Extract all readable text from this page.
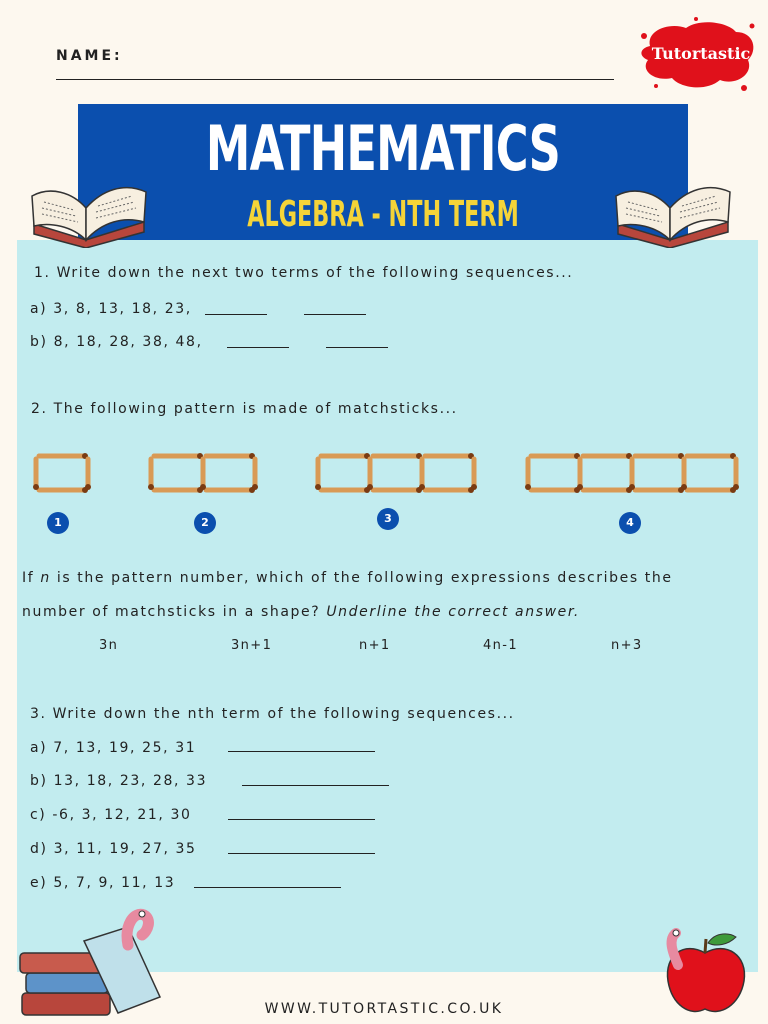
NAME:	Tutortastic
MATHEMATICS
ALGEBRA - NTH TERM
1. Write down the next two terms of the following sequences...
a) 3, 8, 13, 18, 23,
b) 8, 18, 28, 38, 48,
2. The following pattern is made of matchsticks...
1	2	3	4
If n is the pattern number, which of the following expressions describes the
number of matchsticks in a shape? Underline the correct answer.
3n	3n+1	n+1	4n-1	n+3
3. Write down the nth term of the following sequences...
a) 7, 13, 19, 25, 31
b) 13, 18, 23, 28, 33
c) -6, 3, 12, 21, 30
d) 3, 11, 19, 27, 35
e) 5, 7, 9, 11, 13
WWW.TUTORTASTIC.CO.UK
